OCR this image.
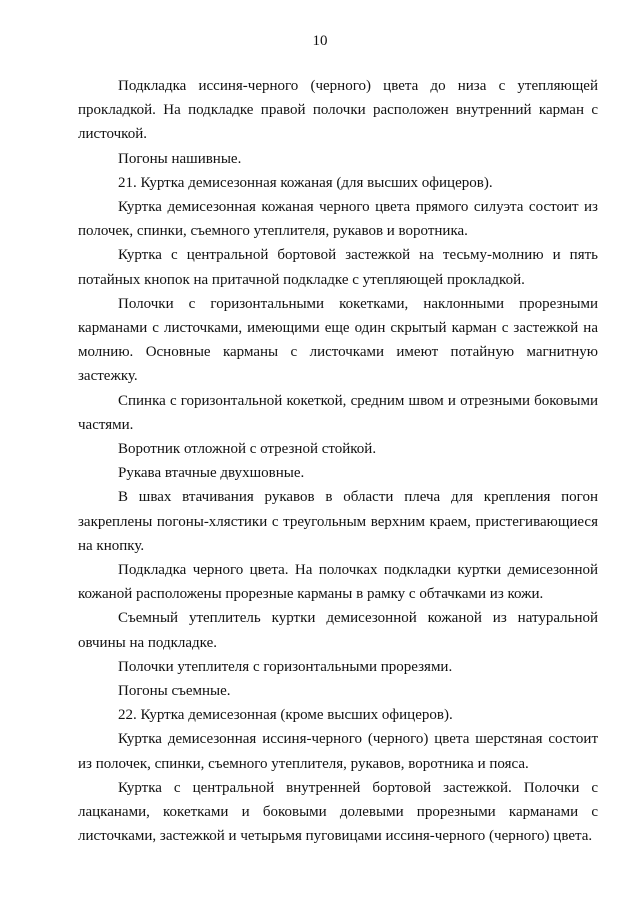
10

Подкладка иссиня-черного (черного) цвета до низа с утепляющей прокладкой. На подкладке правой полочки расположен внутренний карман с листочкой.

Погоны нашивные.

21. Куртка демисезонная кожаная (для высших офицеров).

Куртка демисезонная кожаная черного цвета прямого силуэта состоит из полочек, спинки, съемного утеплителя, рукавов и воротника.

Куртка с центральной бортовой застежкой на тесьму-молнию и пять потайных кнопок на притачной подкладке с утепляющей прокладкой.

Полочки с горизонтальными кокетками, наклонными прорезными карманами с листочками, имеющими еще один скрытый карман с застежкой на молнию. Основные карманы с листочками имеют потайную магнитную застежку.

Спинка с горизонтальной кокеткой, средним швом и отрезными боковыми частями.

Воротник отложной с отрезной стойкой.

Рукава втачные двухшовные.

В швах втачивания рукавов в области плеча для крепления погон закреплены погоны-хлястики с треугольным верхним краем, пристегивающиеся на кнопку.

Подкладка черного цвета. На полочках подкладки куртки демисезонной кожаной расположены прорезные карманы в рамку с обтачками из кожи.

Съемный утеплитель куртки демисезонной кожаной из натуральной овчины на подкладке.

Полочки утеплителя с горизонтальными прорезями.

Погоны съемные.

22. Куртка демисезонная (кроме высших офицеров).

Куртка демисезонная иссиня-черного (черного) цвета шерстяная состоит из полочек, спинки, съемного утеплителя, рукавов, воротника и пояса.

Куртка с центральной внутренней бортовой застежкой. Полочки с лацканами, кокетками и боковыми долевыми прорезными карманами с листочками, застежкой и четырьмя пуговицами иссиня-черного (черного) цвета.
